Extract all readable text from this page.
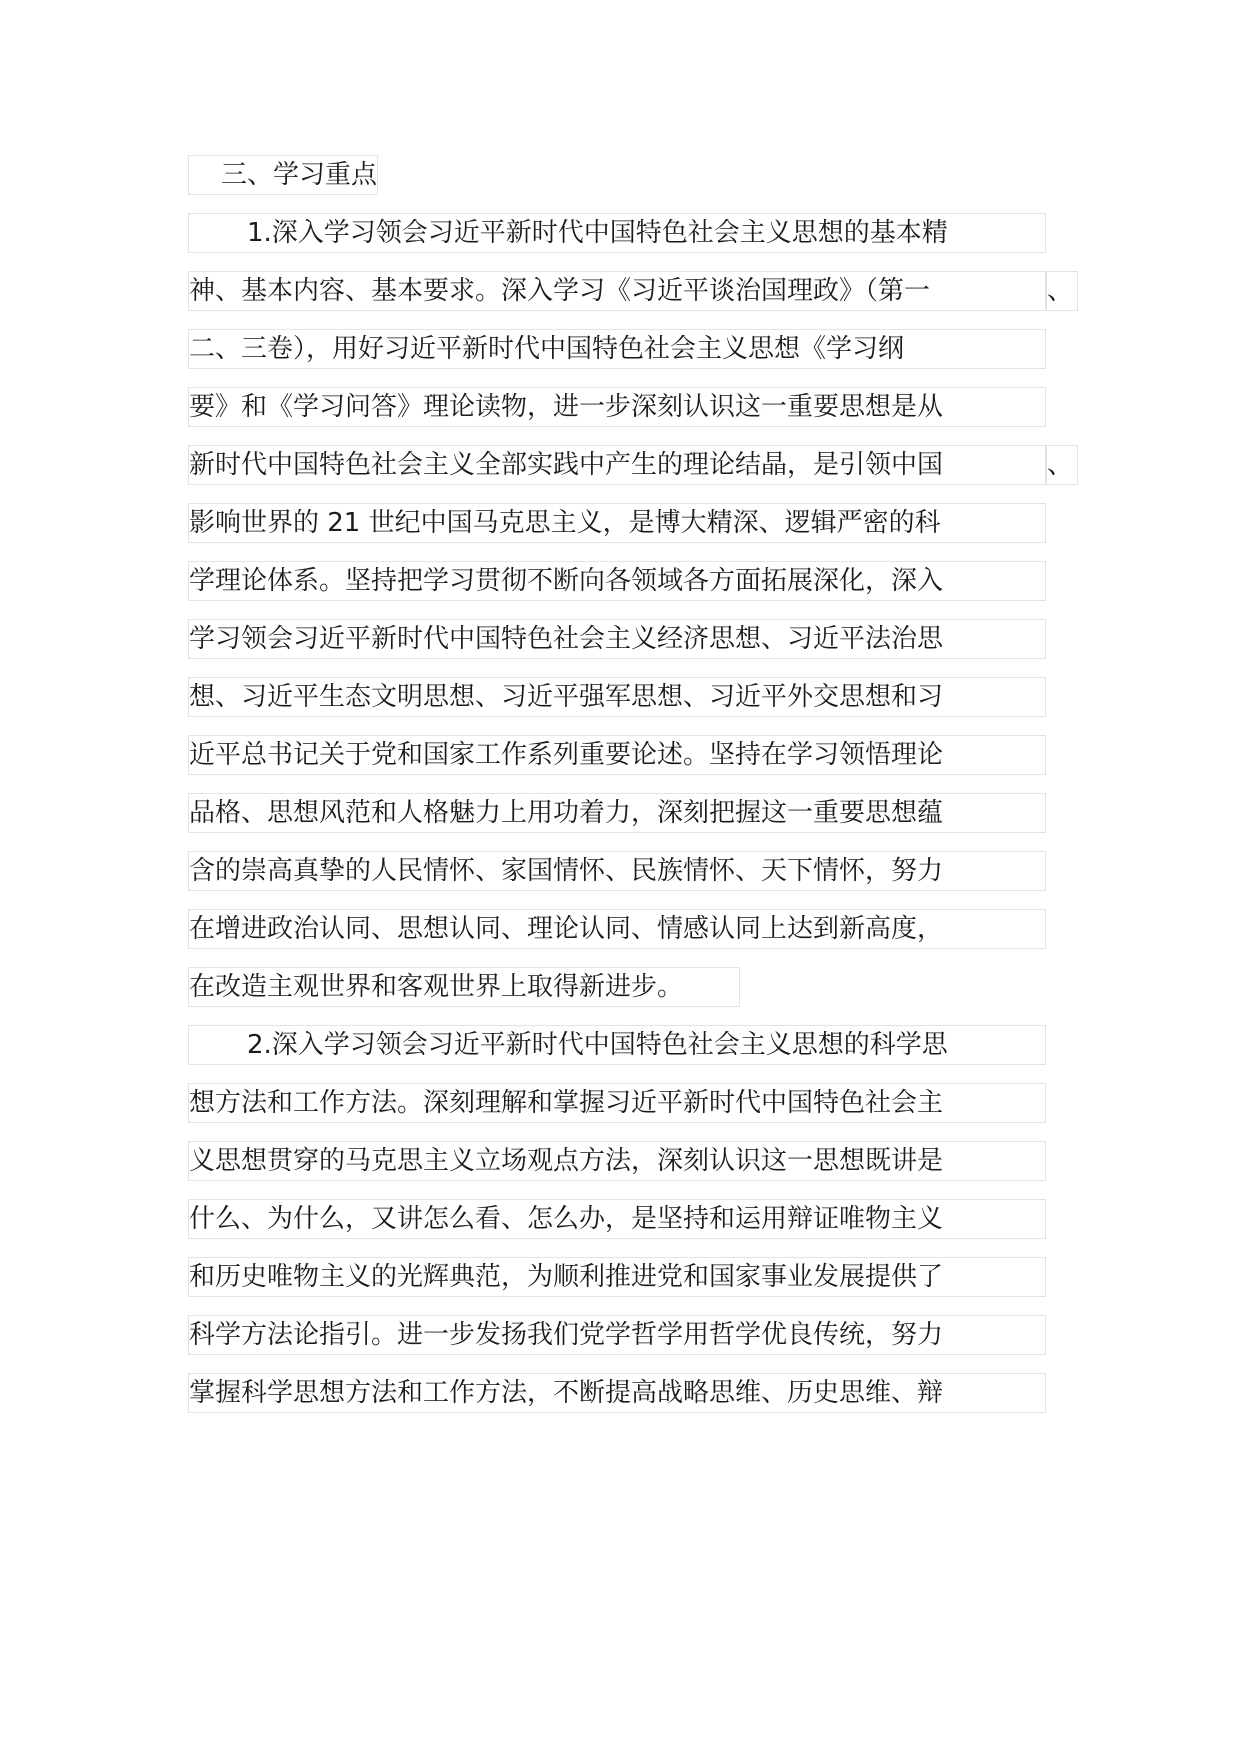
三、学习重点
1.深入学习领会习近平新时代中国特色社会主义思想的基本精
神、基本内容、基本要求。深入学习《习近平谈治国理政》（第一	、
二、三卷），用好习近平新时代中国特色社会主义思想《学习纲
要》和《学习问答》理论读物，进一步深刻认识这一重要思想是从
新时代中国特色社会主义全部实践中产生的理论结晶，是引领中国	、
影响世界的 21 世纪中国马克思主义，是博大精深、逻辑严密的科
学理论体系。坚持把学习贯彻不断向各领域各方面拓展深化，深入
学习领会习近平新时代中国特色社会主义经济思想、习近平法治思
想、习近平生态文明思想、习近平强军思想、习近平外交思想和习
近平总书记关于党和国家工作系列重要论述。坚持在学习领悟理论
品格、思想风范和人格魅力上用功着力，深刻把握这一重要思想蕴
含的崇高真挚的人民情怀、家国情怀、民族情怀、天下情怀，努力
在增进政治认同、思想认同、理论认同、情感认同上达到新高度，
在改造主观世界和客观世界上取得新进步。
2.深入学习领会习近平新时代中国特色社会主义思想的科学思
想方法和工作方法。深刻理解和掌握习近平新时代中国特色社会主
义思想贯穿的马克思主义立场观点方法，深刻认识这一思想既讲是
什么、为什么，又讲怎么看、怎么办，是坚持和运用辩证唯物主义
和历史唯物主义的光辉典范，为顺利推进党和国家事业发展提供了
科学方法论指引。进一步发扬我们党学哲学用哲学优良传统，努力
掌握科学思想方法和工作方法，不断提高战略思维、历史思维、辩
